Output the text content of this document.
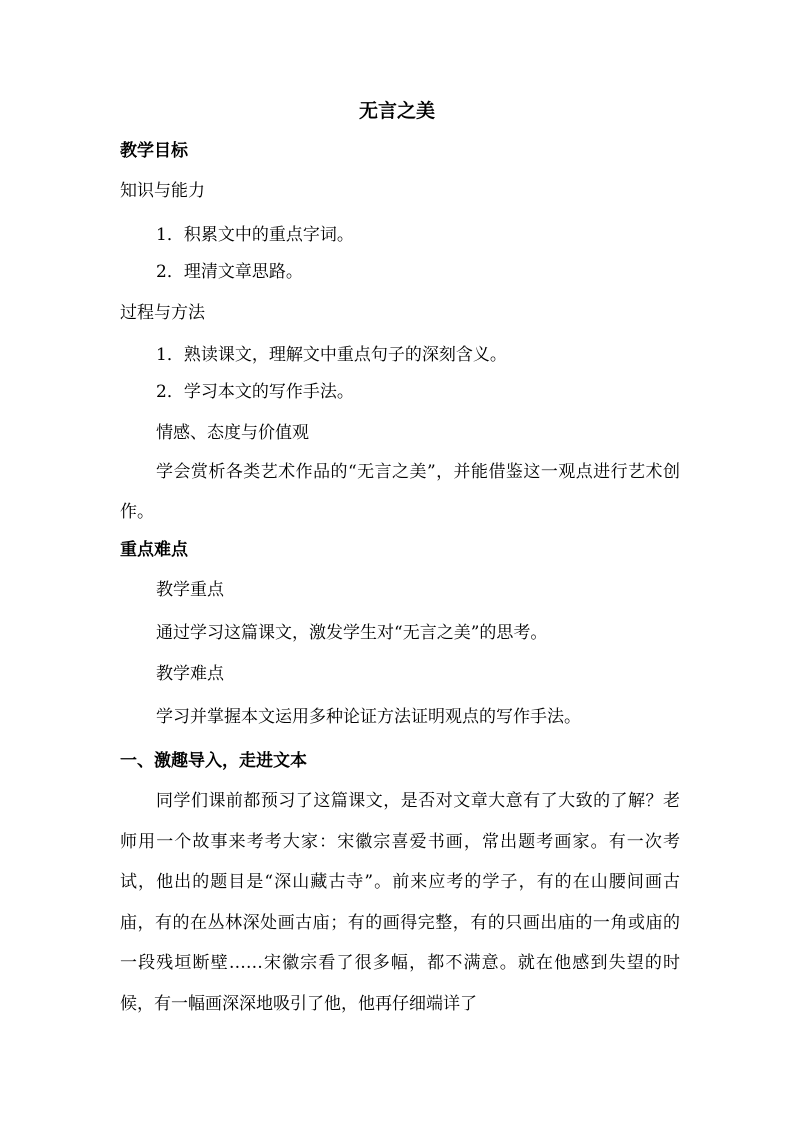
无言之美
教学目标
知识与能力
1．积累文中的重点字词。
2．理清文章思路。
过程与方法
1．熟读课文，理解文中重点句子的深刻含义。
2．学习本文的写作手法。
情感、态度与价值观
学会赏析各类艺术作品的“无言之美”，并能借鉴这一观点进行艺术创作。
重点难点
教学重点
通过学习这篇课文，激发学生对“无言之美”的思考。
教学难点
学习并掌握本文运用多种论证方法证明观点的写作手法。
一、激趣导入，走进文本
同学们课前都预习了这篇课文，是否对文章大意有了大致的了解？老师用一个故事来考考大家：宋徽宗喜爱书画，常出题考画家。有一次考试，他出的题目是“深山藏古寺”。前来应考的学子，有的在山腰间画古庙，有的在丛林深处画古庙；有的画得完整，有的只画出庙的一角或庙的一段残垣断壁……宋徽宗看了很多幅，都不满意。就在他感到失望的时候，有一幅画深深地吸引了他，他再仔细端详了
